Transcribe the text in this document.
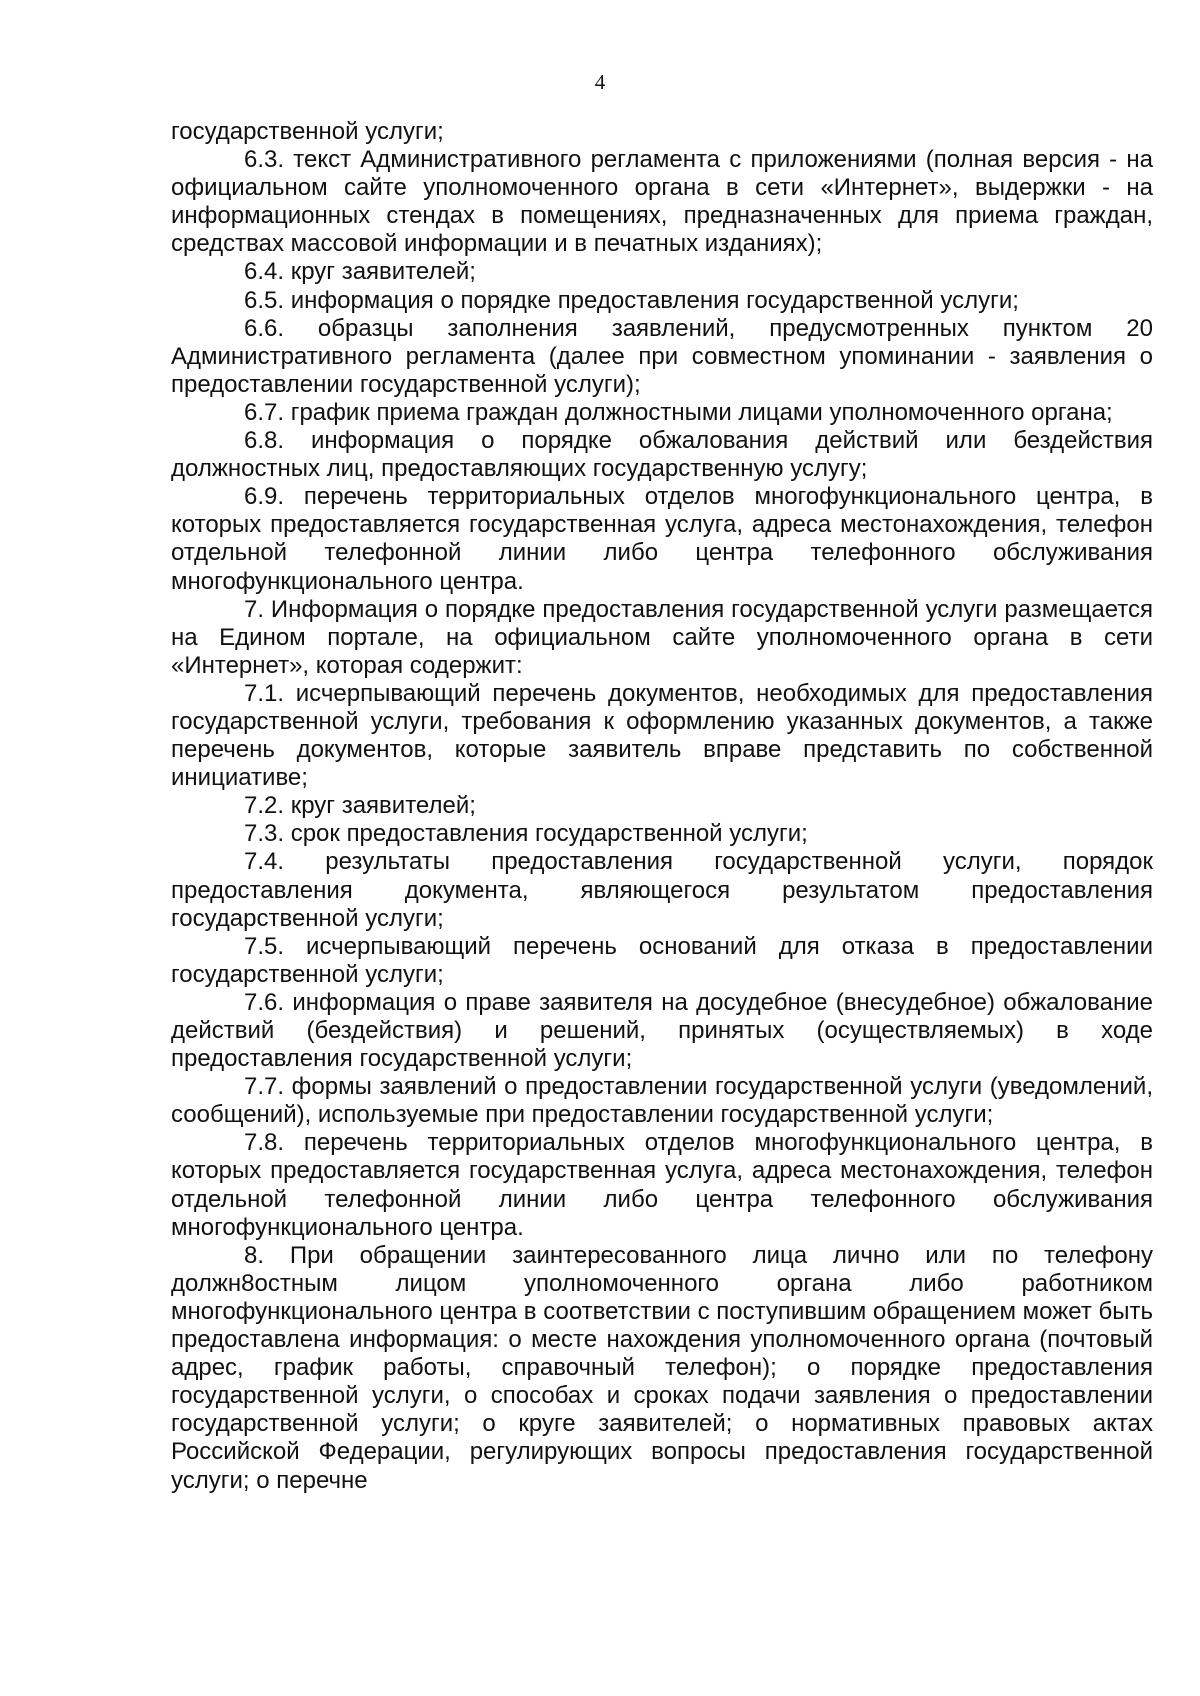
4

государственной услуги;

6.3. текст Административного регламента с приложениями (полная версия - на официальном сайте уполномоченного органа в сети «Интернет», выдержки - на информационных стендах в помещениях, предназначенных для приема граждан, средствах массовой информации и в печатных изданиях);

6.4. круг заявителей;

6.5. информация о порядке предоставления государственной услуги;

6.6. образцы заполнения заявлений, предусмотренных пунктом 20 Административного регламента (далее при совместном упоминании - заявления о предоставлении государственной услуги);

6.7. график приема граждан должностными лицами уполномоченного органа;

6.8. информация о порядке обжалования действий или бездействия должностных лиц, предоставляющих государственную услугу;

6.9. перечень территориальных отделов многофункционального центра, в которых предоставляется государственная услуга, адреса местонахождения, телефон отдельной телефонной линии либо центра телефонного обслуживания многофункционального центра.

7. Информация о порядке предоставления государственной услуги размещается на Едином портале, на официальном сайте уполномоченного органа в сети «Интернет», которая содержит:

7.1. исчерпывающий перечень документов, необходимых для предоставления государственной услуги, требования к оформлению указанных документов, а также перечень документов, которые заявитель вправе представить по собственной инициативе;

7.2. круг заявителей;

7.3. срок предоставления государственной услуги;

7.4. результаты предоставления государственной услуги, порядок предоставления документа, являющегося результатом предоставления государственной услуги;

7.5. исчерпывающий перечень оснований для отказа в предоставлении государственной услуги;

7.6. информация о праве заявителя на досудебное (внесудебное) обжалование действий (бездействия) и решений, принятых (осуществляемых) в ходе предоставления государственной услуги;

7.7. формы заявлений о предоставлении государственной услуги (уведомлений, сообщений), используемые при предоставлении государственной услуги;

7.8. перечень территориальных отделов многофункционального центра, в которых предоставляется государственная услуга, адреса местонахождения, телефон отдельной телефонной линии либо центра телефонного обслуживания многофункционального центра.

8. При обращении заинтересованного лица лично или по телефону должн8остным лицом уполномоченного органа либо работником многофункционального центра в соответствии с поступившим обращением может быть предоставлена информация: о месте нахождения уполномоченного органа (почтовый адрес, график работы, справочный телефон); о порядке предоставления государственной услуги, о способах и сроках подачи заявления о предоставлении государственной услуги; о круге заявителей; о нормативных правовых актах Российской Федерации, регулирующих вопросы предоставления государственной услуги; о перечне
